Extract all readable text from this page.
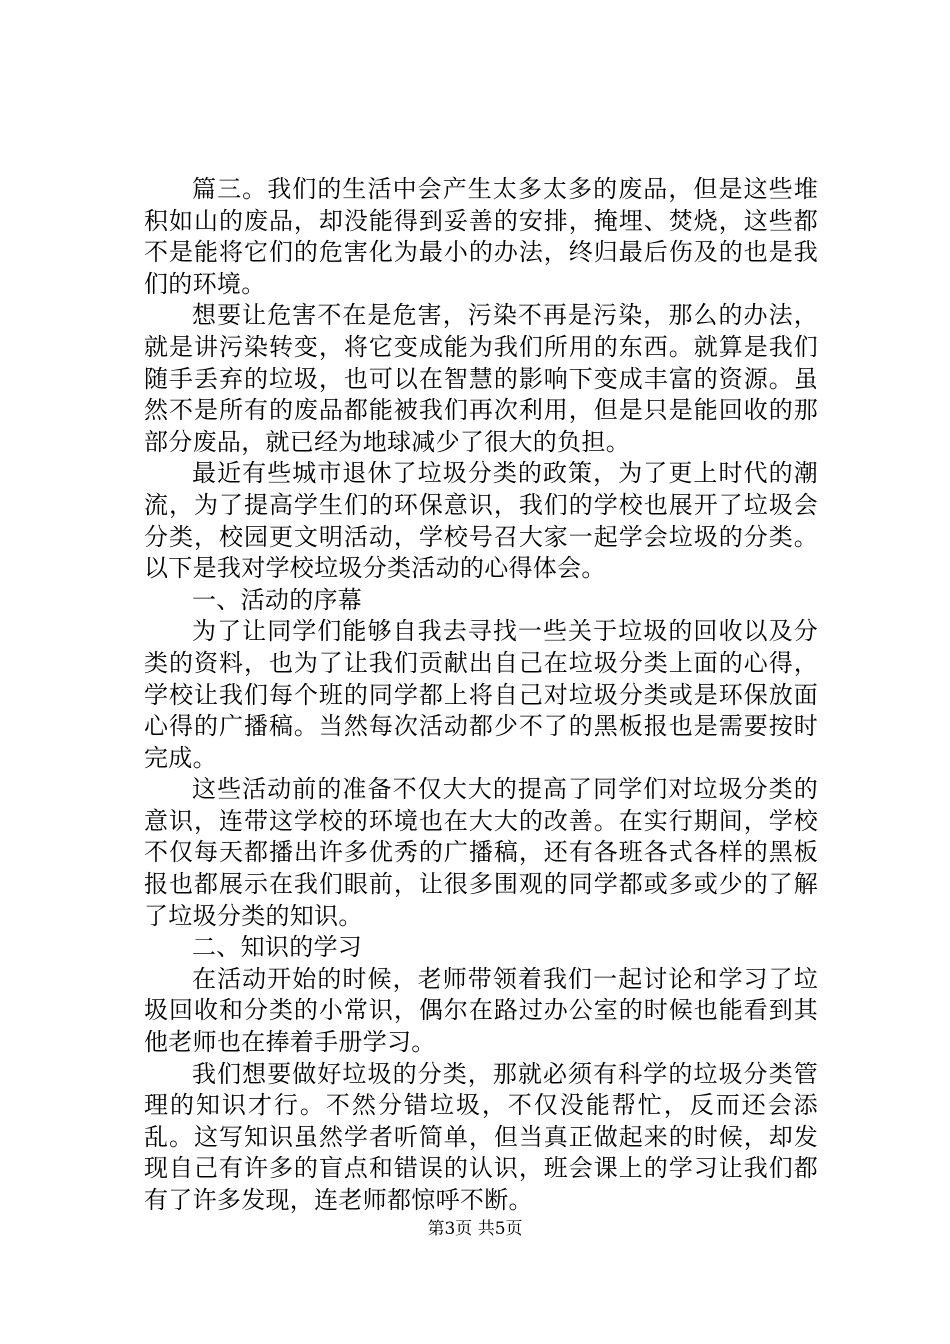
篇三。我们的生活中会产生太多太多的废品，但是这些堆积如山的废品，却没能得到妥善的安排，掩埋、焚烧，这些都不是能将它们的危害化为最小的办法，终归最后伤及的也是我们的环境。

想要让危害不在是危害，污染不再是污染，那么的办法，就是讲污染转变，将它变成能为我们所用的东西。就算是我们随手丢弃的垃圾，也可以在智慧的影响下变成丰富的资源。虽然不是所有的废品都能被我们再次利用，但是只是能回收的那部分废品，就已经为地球减少了很大的负担。

最近有些城市退休了垃圾分类的政策，为了更上时代的潮流，为了提高学生们的环保意识，我们的学校也展开了垃圾会分类，校园更文明活动，学校号召大家一起学会垃圾的分类。以下是我对学校垃圾分类活动的心得体会。

一、活动的序幕

为了让同学们能够自我去寻找一些关于垃圾的回收以及分类的资料，也为了让我们贡献出自己在垃圾分类上面的心得，学校让我们每个班的同学都上将自己对垃圾分类或是环保放面心得的广播稿。当然每次活动都少不了的黑板报也是需要按时完成。

这些活动前的准备不仅大大的提高了同学们对垃圾分类的意识，连带这学校的环境也在大大的改善。在实行期间，学校不仅每天都播出许多优秀的广播稿，还有各班各式各样的黑板报也都展示在我们眼前，让很多围观的同学都或多或少的了解了垃圾分类的知识。

二、知识的学习

在活动开始的时候，老师带领着我们一起讨论和学习了垃圾回收和分类的小常识，偶尔在路过办公室的时候也能看到其他老师也在捧着手册学习。

我们想要做好垃圾的分类，那就必须有科学的垃圾分类管理的知识才行。不然分错垃圾，不仅没能帮忙，反而还会添乱。这写知识虽然学者听简单，但当真正做起来的时候，却发现自己有许多的盲点和错误的认识，班会课上的学习让我们都有了许多发现，连老师都惊呼不断。

第3页 共5页
